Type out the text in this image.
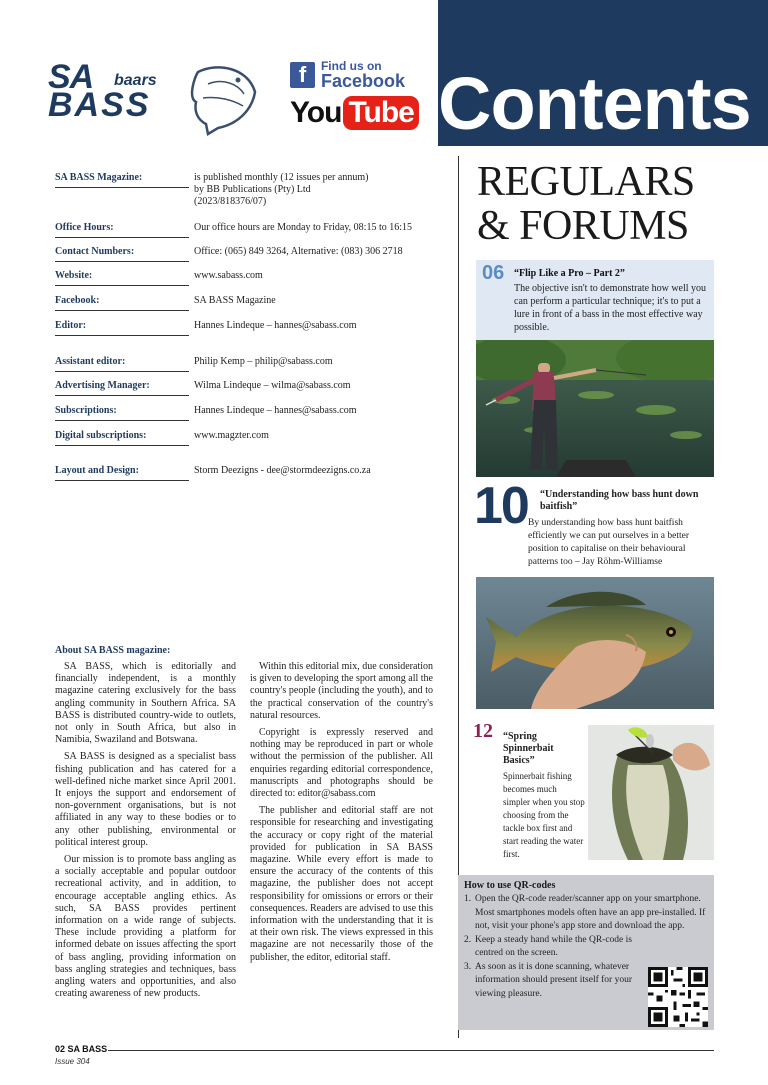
SA baars
BASS
f	Find us on
Facebook
You Tube Contents
SA BASS Magazine:	is published monthly (12 issues per annum)
by BB Publications (Pty) Ltd
(2023/818376/07)
Office Hours:	Our office hours are Monday to Friday, 08:15 to 16:15
Contact Numbers:	Office: (065) 849 3264, Alternative: (083) 306 2718
Website:	www.sabass.com
Facebook:	SA BASS Magazine
Editor:	Hannes Lindeque – hannes@sabass.com
Assistant editor:	Philip Kemp – philip@sabass.com
Advertising Manager:	Wilma Lindeque – wilma@sabass.com
Subscriptions:	Hannes Lindeque – hannes@sabass.com
Digital subscriptions:	www.magzter.com
Layout and Design:	Storm Deezigns - dee@stormdeezigns.co.za
About SA BASS magazine:

SA BASS, which is editorially and financially independent, is a monthly magazine catering exclusively for the bass angling community in Southern Africa. SA BASS is distributed country-wide to outlets, not only in South Africa, but also in Namibia, Swaziland and Botswana.

SA BASS is designed as a specialist bass fishing publication and has catered for a well-defined niche market since April 2001. It enjoys the support and endorsement of non-government organisations, but is not affiliated in any way to these bodies or to any other publishing, environmental or political interest group.

Our mission is to promote bass angling as a socially acceptable and popular outdoor recreational activity, and in addition, to encourage acceptable angling ethics. As such, SA BASS provides pertinent information on a wide range of subjects. These include providing a platform for informed debate on issues affecting the sport of bass angling, providing information on bass angling strategies and techniques, bass angling waters and opportunities, and also creating awareness of new products.

Within this editorial mix, due consideration is given to developing the sport among all the country's people (including the youth), and to the practical conservation of the country's natural resources.

Copyright is expressly reserved and nothing may be reproduced in part or whole without the permission of the publisher. All enquiries regarding editorial correspondence, manuscripts and photographs should be directed to: editor@sabass.com

The publisher and editorial staff are not responsible for researching and investigating the accuracy or copy right of the material provided for publication in SA BASS magazine. While every effort is made to ensure the accuracy of the contents of this magazine, the publisher does not accept responsibility for omissions or errors or their consequences. Readers are advised to use this information with the understanding that it is at their own risk. The views expressed in this magazine are not necessarily those of the publisher, the editor, editorial staff.

REGULARS
& FORUMS
06 “Flip Like a Pro – Part 2”
The objective isn't to demonstrate how well you can perform a particular technique; it's to put a lure in front of a bass in the most effective way possible.
10 “Understanding how bass hunt down baitfish”
By understanding how bass hunt baitfish efficiently we can put ourselves in a better position to capitalise on their behavioural patterns too – Jay Röhm-Williamse
12 “Spring Spinnerbait Basics”
Spinnerbait fishing becomes much simpler when you stop choosing from the tackle box first and start reading the water first.
How to use QR-codes
1. Open the QR-code reader/scanner app on your smartphone. Most smartphones models often have an app pre-installed. If not, visit your phone's app store and download the app.
2. Keep a steady hand while the QR-code is centred on the screen.
3. As soon as it is done scanning, whatever information should present itself for your viewing pleasure.
02 SA BASS
Issue 304
